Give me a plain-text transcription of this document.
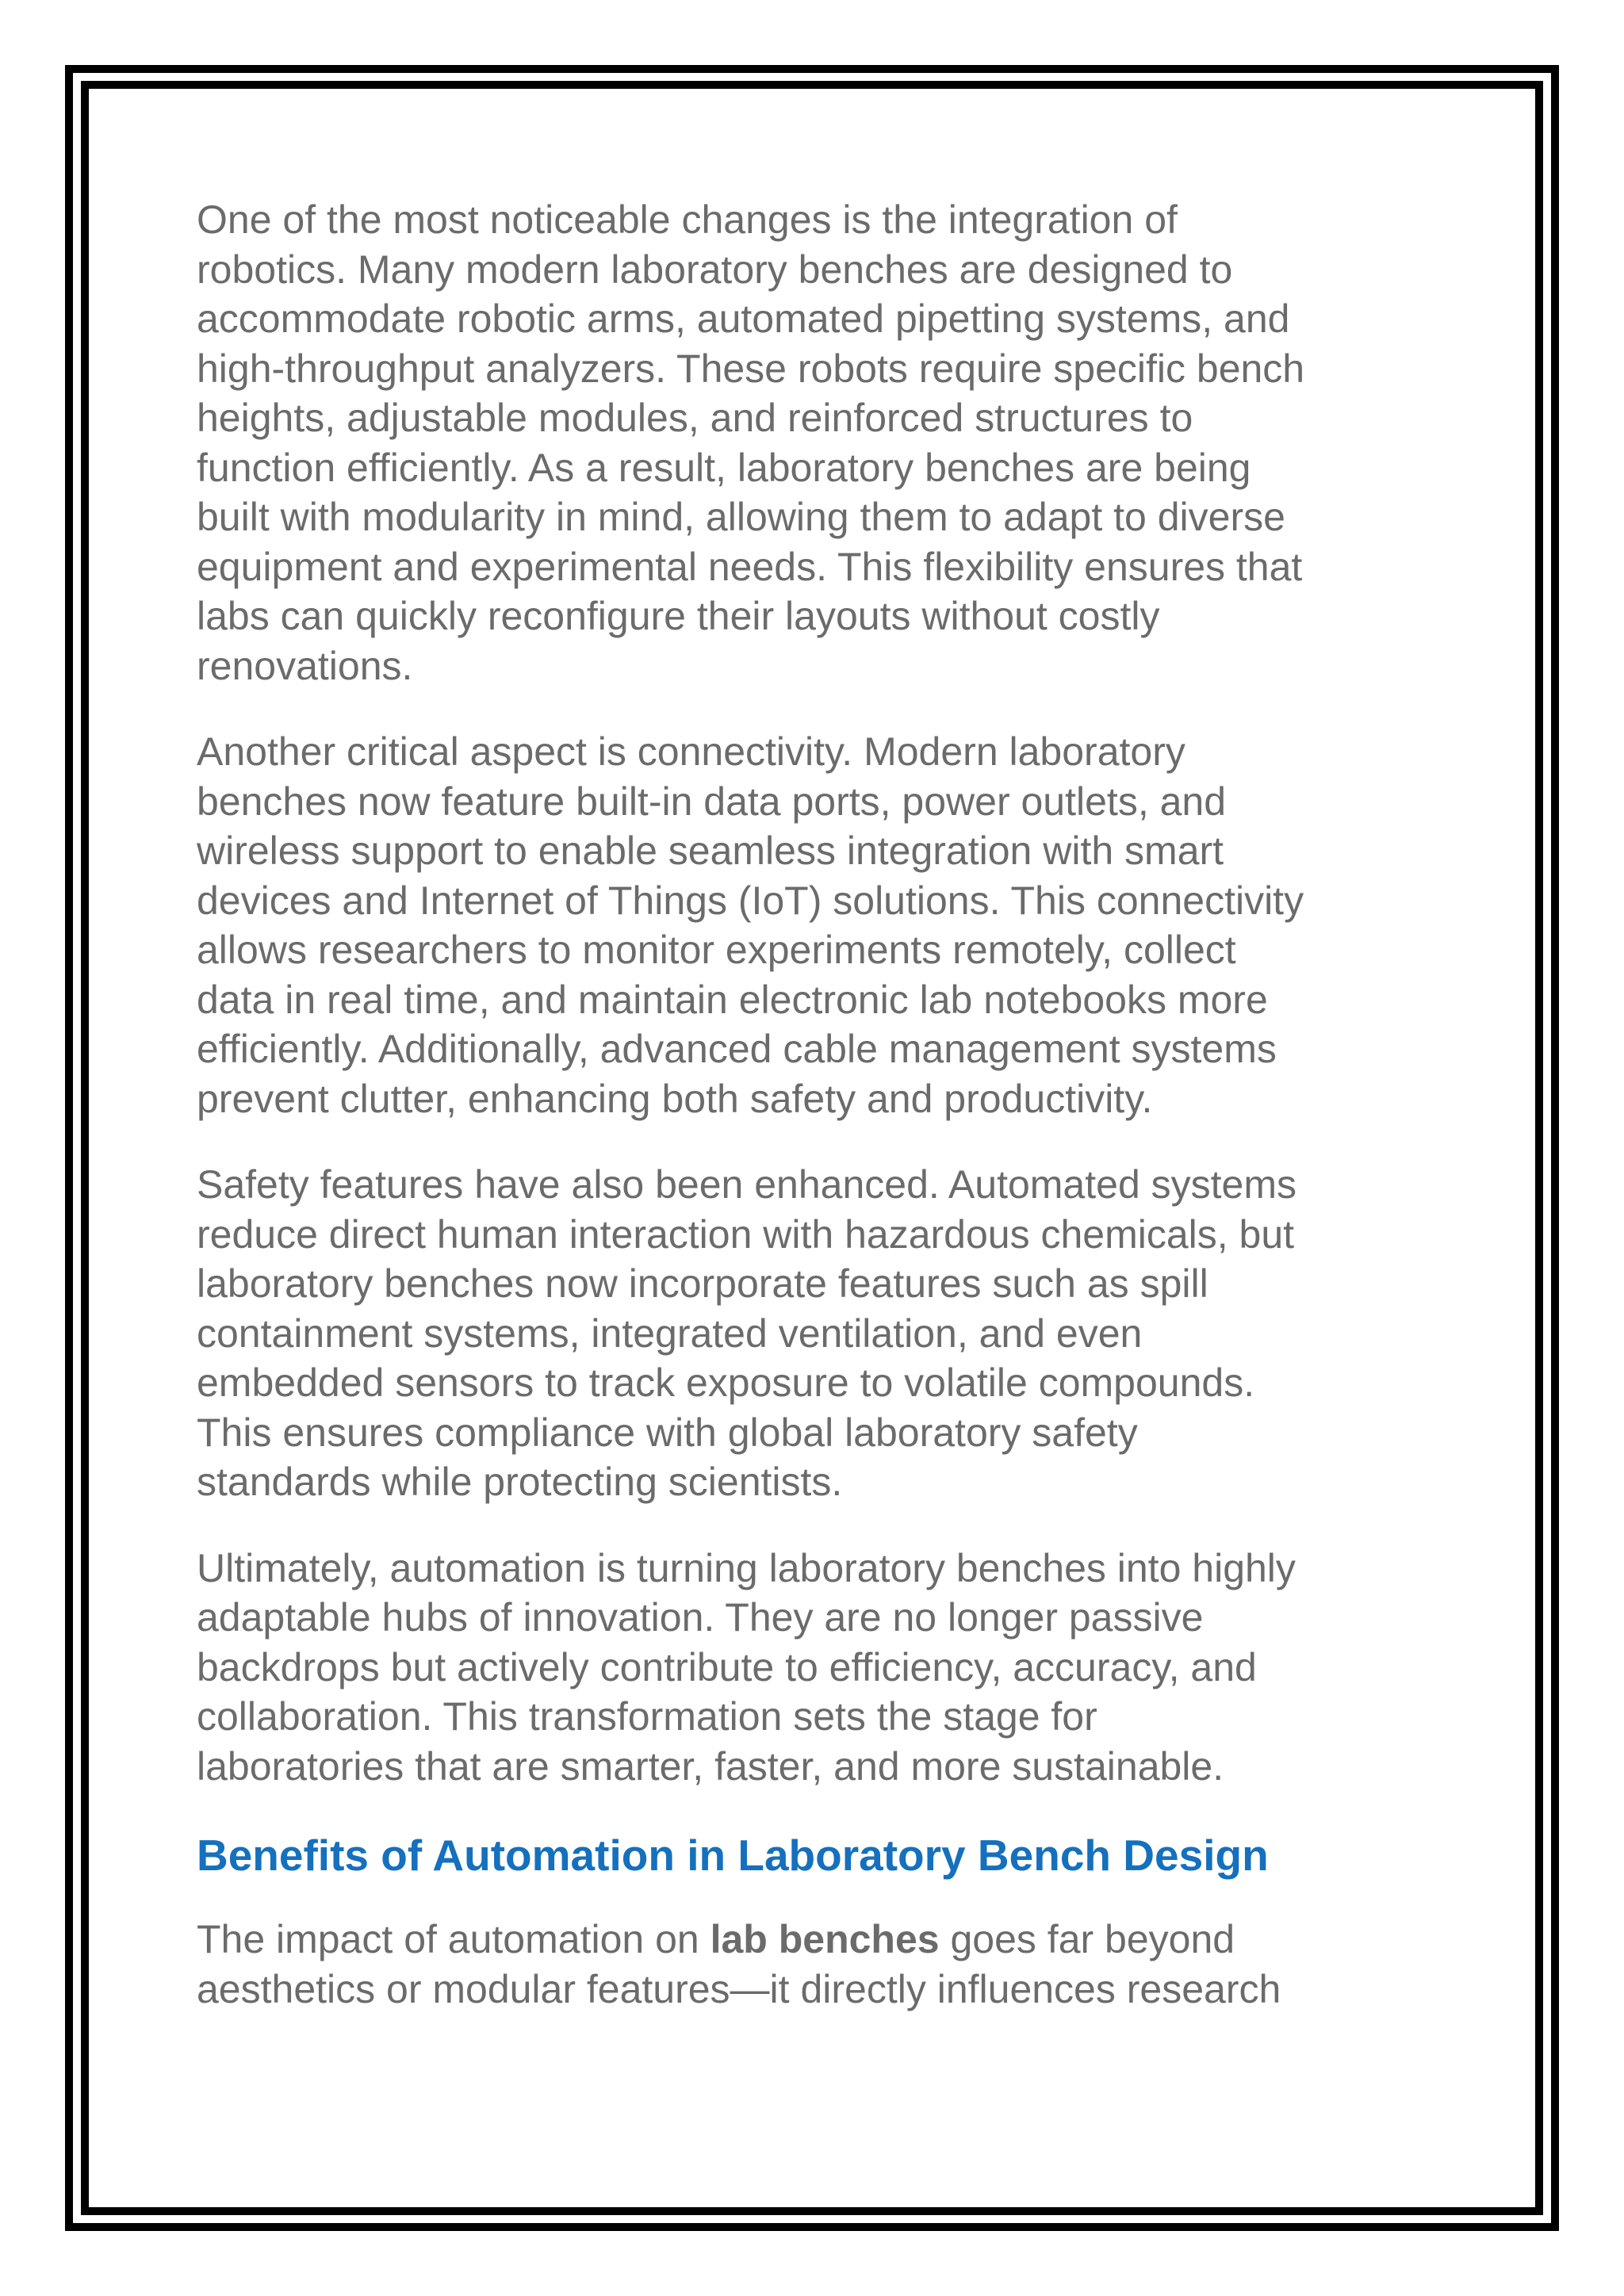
One of the most noticeable changes is the integration of
robotics. Many modern laboratory benches are designed to
accommodate robotic arms, automated pipetting systems, and
high-throughput analyzers. These robots require specific bench
heights, adjustable modules, and reinforced structures to
function efficiently. As a result, laboratory benches are being
built with modularity in mind, allowing them to adapt to diverse
equipment and experimental needs. This flexibility ensures that
labs can quickly reconfigure their layouts without costly
renovations.

Another critical aspect is connectivity. Modern laboratory
benches now feature built-in data ports, power outlets, and
wireless support to enable seamless integration with smart
devices and Internet of Things (IoT) solutions. This connectivity
allows researchers to monitor experiments remotely, collect
data in real time, and maintain electronic lab notebooks more
efficiently. Additionally, advanced cable management systems
prevent clutter, enhancing both safety and productivity.

Safety features have also been enhanced. Automated systems
reduce direct human interaction with hazardous chemicals, but
laboratory benches now incorporate features such as spill
containment systems, integrated ventilation, and even
embedded sensors to track exposure to volatile compounds.
This ensures compliance with global laboratory safety
standards while protecting scientists.

Ultimately, automation is turning laboratory benches into highly
adaptable hubs of innovation. They are no longer passive
backdrops but actively contribute to efficiency, accuracy, and
collaboration. This transformation sets the stage for
laboratories that are smarter, faster, and more sustainable.

Benefits of Automation in Laboratory Bench Design

The impact of automation on lab benches goes far beyond
aesthetics or modular features—it directly influences research
